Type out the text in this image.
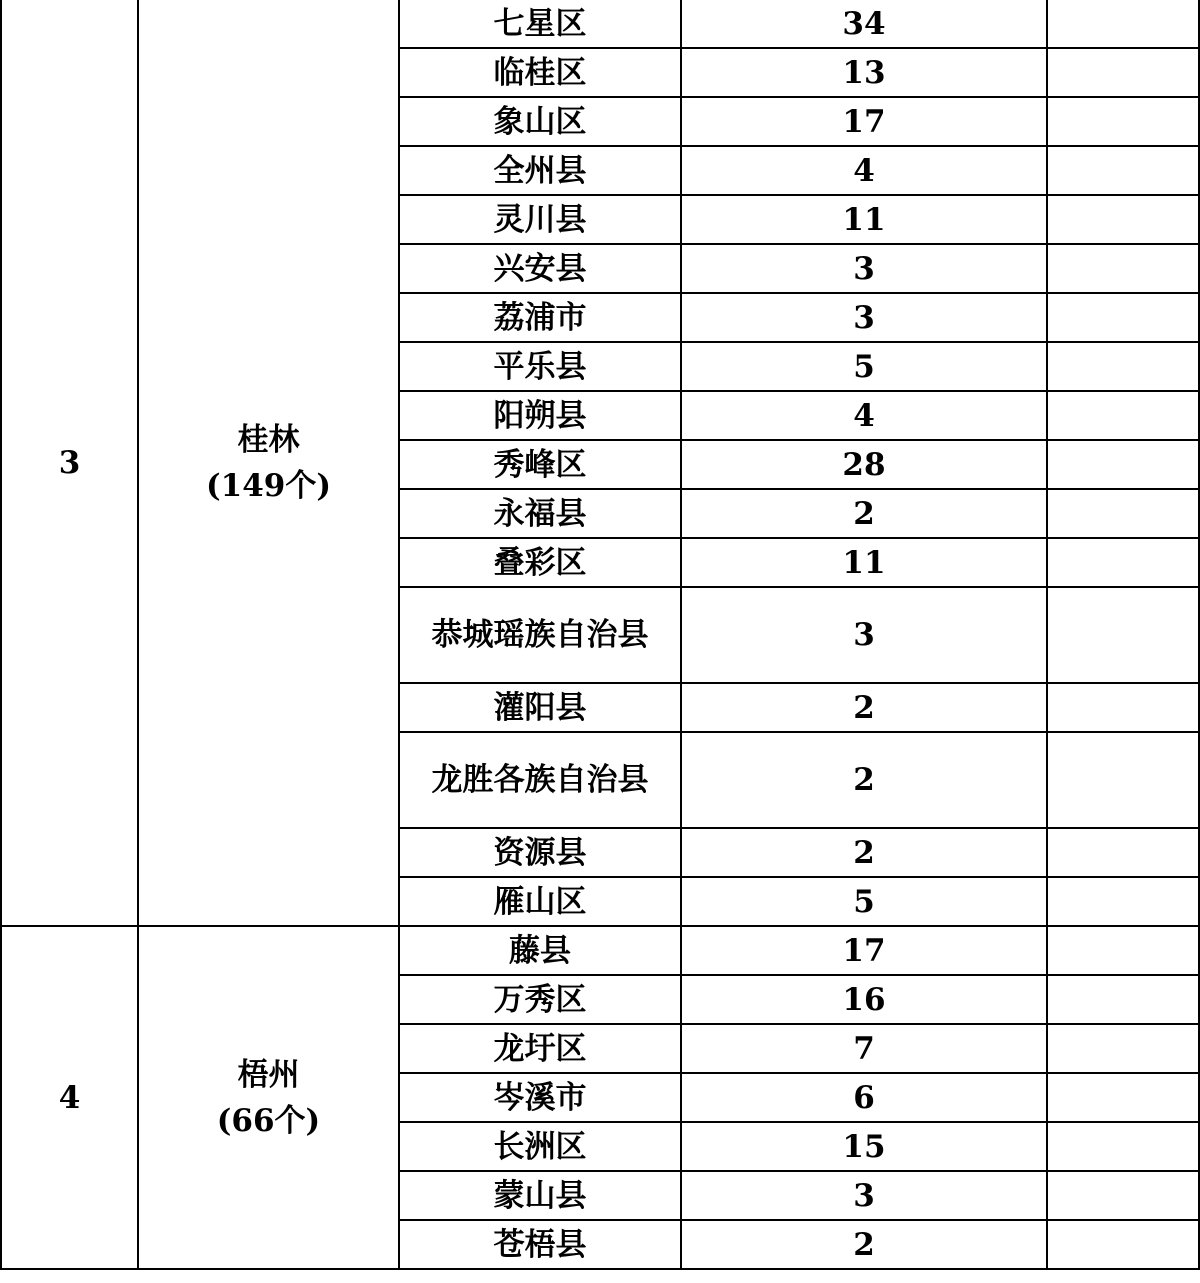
3	桂林
(149个)	七星区	34	

		临桂区	13	

		象山区	17	

		全州县	4	

		灵川县	11	

		兴安县	3	

		荔浦市	3	

		平乐县	5	

		阳朔县	4	

		秀峰区	28	

		永福县	2	

		叠彩区	11	

		恭城瑶族自治县	3	

		灌阳县	2	

		龙胜各族自治县	2	

		资源县	2	

		雁山区	5	
4	梧州
(66个)	藤县	17	

		万秀区	16	

		龙圩区	7	

		岑溪市	6	

		长洲区	15	

		蒙山县	3	

		苍梧县	2	
